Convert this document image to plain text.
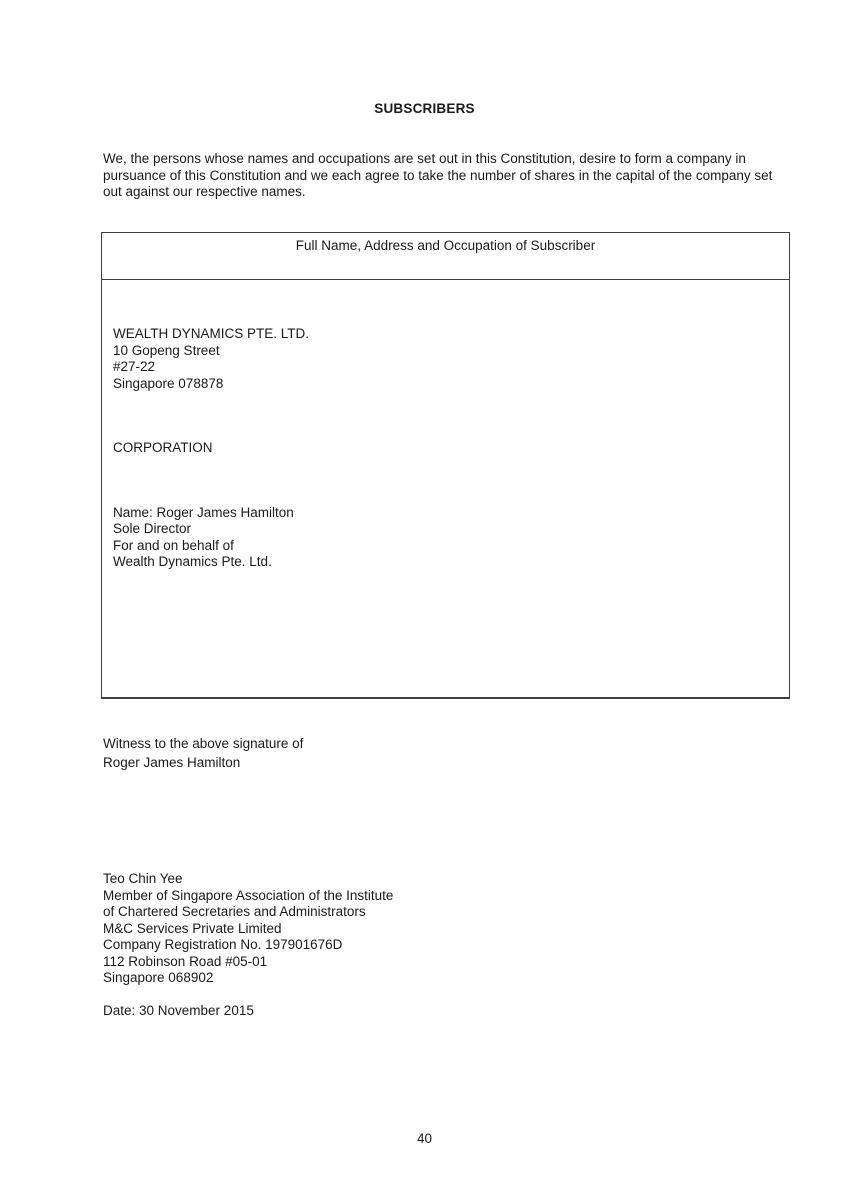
SUBSCRIBERS
We, the persons whose names and occupations are set out in this Constitution, desire to form a company in pursuance of this Constitution and we each agree to take the number of shares in the capital of the company set out against our respective names.
Full Name, Address and Occupation of Subscriber
WEALTH DYNAMICS PTE. LTD.
10 Gopeng Street
#27-22
Singapore 078878
CORPORATION
Name: Roger James Hamilton
Sole Director
For and on behalf of
Wealth Dynamics Pte. Ltd.
Witness to the above signature of
Roger James Hamilton
Teo Chin Yee
Member of Singapore Association of the Institute
of Chartered Secretaries and Administrators
M&C Services Private Limited
Company Registration No. 197901676D
112 Robinson Road #05-01
Singapore 068902
Date: 30 November 2015
40
